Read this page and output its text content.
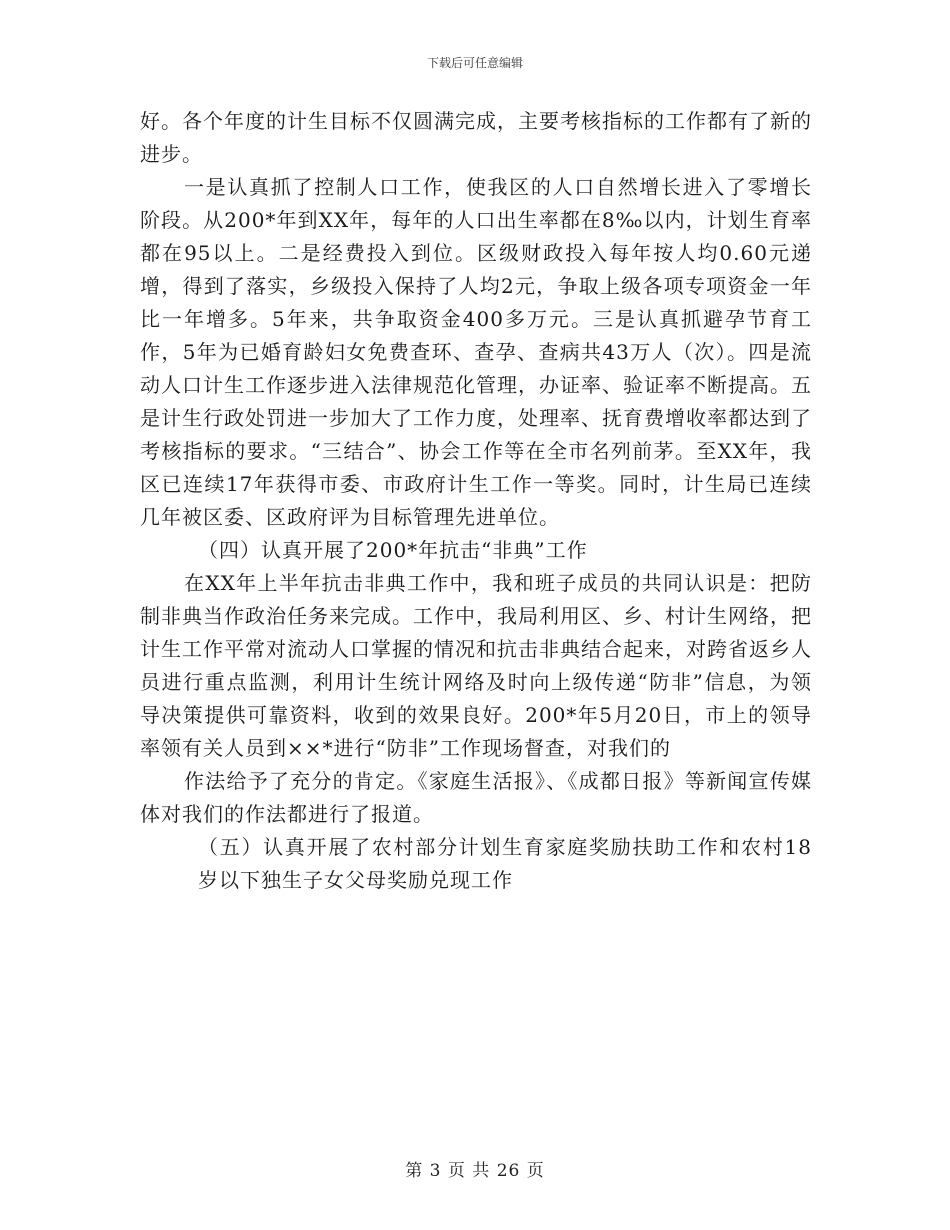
下载后可任意编辑

好。各个年度的计生目标不仅圆满完成，主要考核指标的工作都有了新的进步。

一是认真抓了控制人口工作，使我区的人口自然增长进入了零增长阶段。从200*年到XX年，每年的人口出生率都在8‰以内，计划生育率都在95以上。二是经费投入到位。区级财政投入每年按人均0.60元递增，得到了落实，乡级投入保持了人均2元，争取上级各项专项资金一年比一年增多。5年来，共争取资金400多万元。三是认真抓避孕节育工作，5年为已婚育龄妇女免费查环、查孕、查病共43万人（次）。四是流动人口计生工作逐步进入法律规范化管理，办证率、验证率不断提高。五是计生行政处罚进一步加大了工作力度，处理率、抚育费增收率都达到了考核指标的要求。“三结合”、协会工作等在全市名列前茅。至XX年，我区已连续17年获得市委、市政府计生工作一等奖。同时，计生局已连续几年被区委、区政府评为目标管理先进单位。

（四）认真开展了200*年抗击“非典”工作

在XX年上半年抗击非典工作中，我和班子成员的共同认识是：把防制非典当作政治任务来完成。工作中，我局利用区、乡、村计生网络，把计生工作平常对流动人口掌握的情况和抗击非典结合起来，对跨省返乡人员进行重点监测，利用计生统计网络及时向上级传递“防非”信息，为领导决策提供可靠资料，收到的效果良好。200*年5月20日，市上的领导率领有关人员到××*进行“防非”工作现场督查，对我们的

作法给予了充分的肯定。《家庭生活报》、《成都日报》等新闻宣传媒体对我们的作法都进行了报道。

（五）认真开展了农村部分计划生育家庭奖励扶助工作和农村18岁以下独生子女父母奖励兑现工作

第 3 页 共 26 页
